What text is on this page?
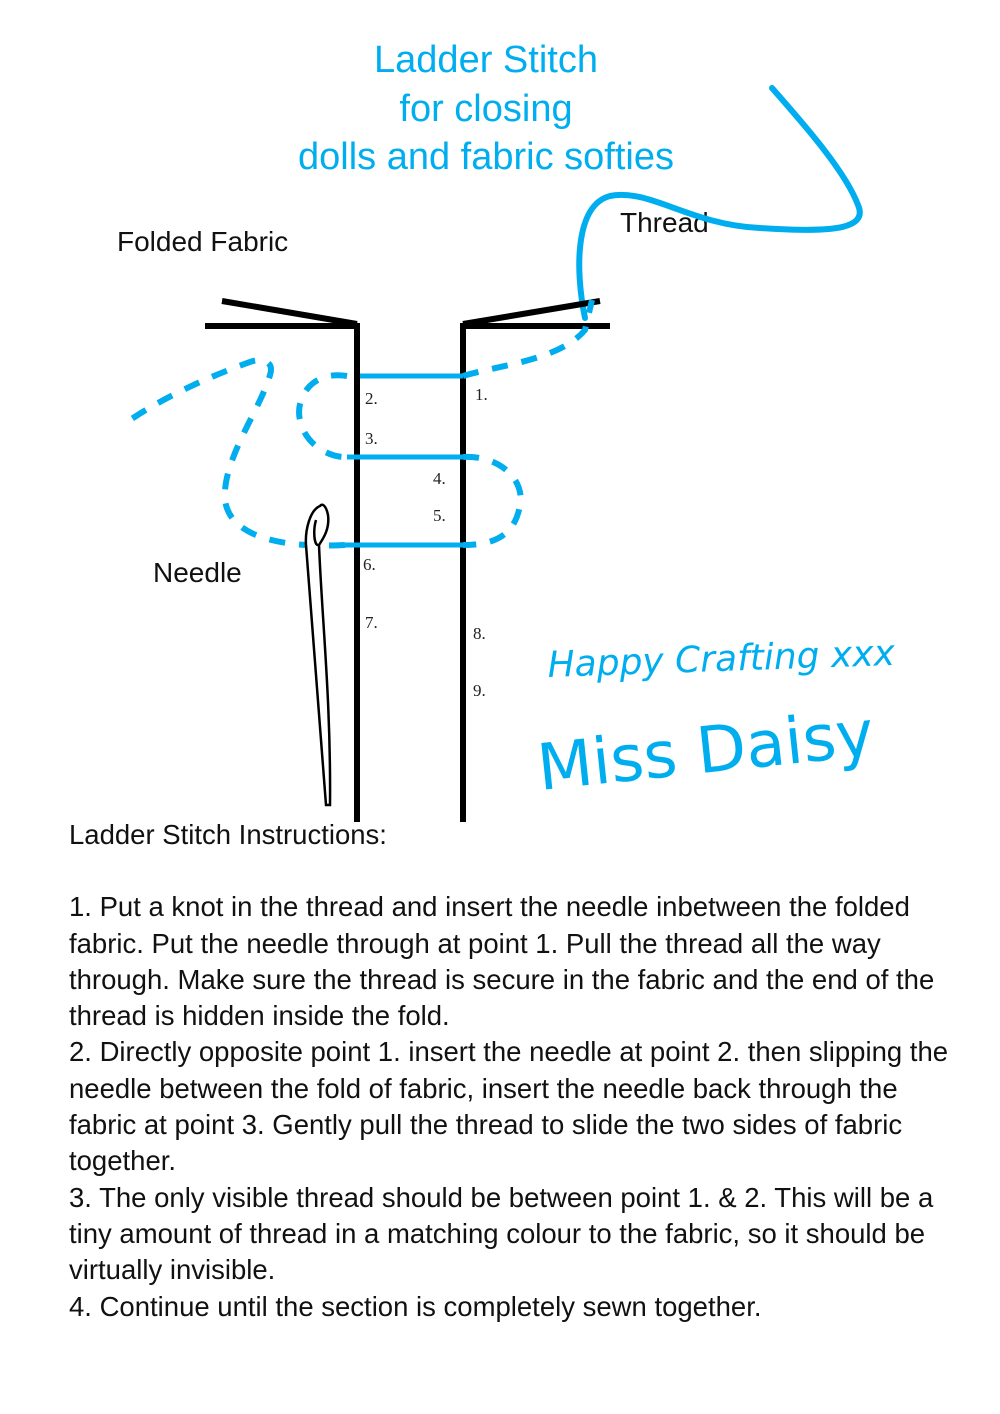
Ladder Stitch
for closing
dolls and fabric softies
Folded Fabric
Thread
Needle
1.
2.
3.
4.
5.
6.
7.
8.
9.
Happy Crafting xxx
Miss Daisy

Ladder Stitch Instructions:

1. Put a knot in the thread and insert the needle inbetween the folded fabric. Put the needle through at point 1. Pull the thread all the way through. Make sure the thread is secure in the fabric and the end of the thread is hidden inside the fold.

2. Directly opposite point 1. insert the needle at point 2. then slipping the needle between the fold of fabric, insert the needle back through the fabric at point 3. Gently pull the thread to slide the two sides of fabric together.

3. The only visible thread should be between point 1. & 2. This will be a tiny amount of thread in a matching colour to the fabric, so it should be virtually invisible.

4. Continue until the section is completely sewn together.
